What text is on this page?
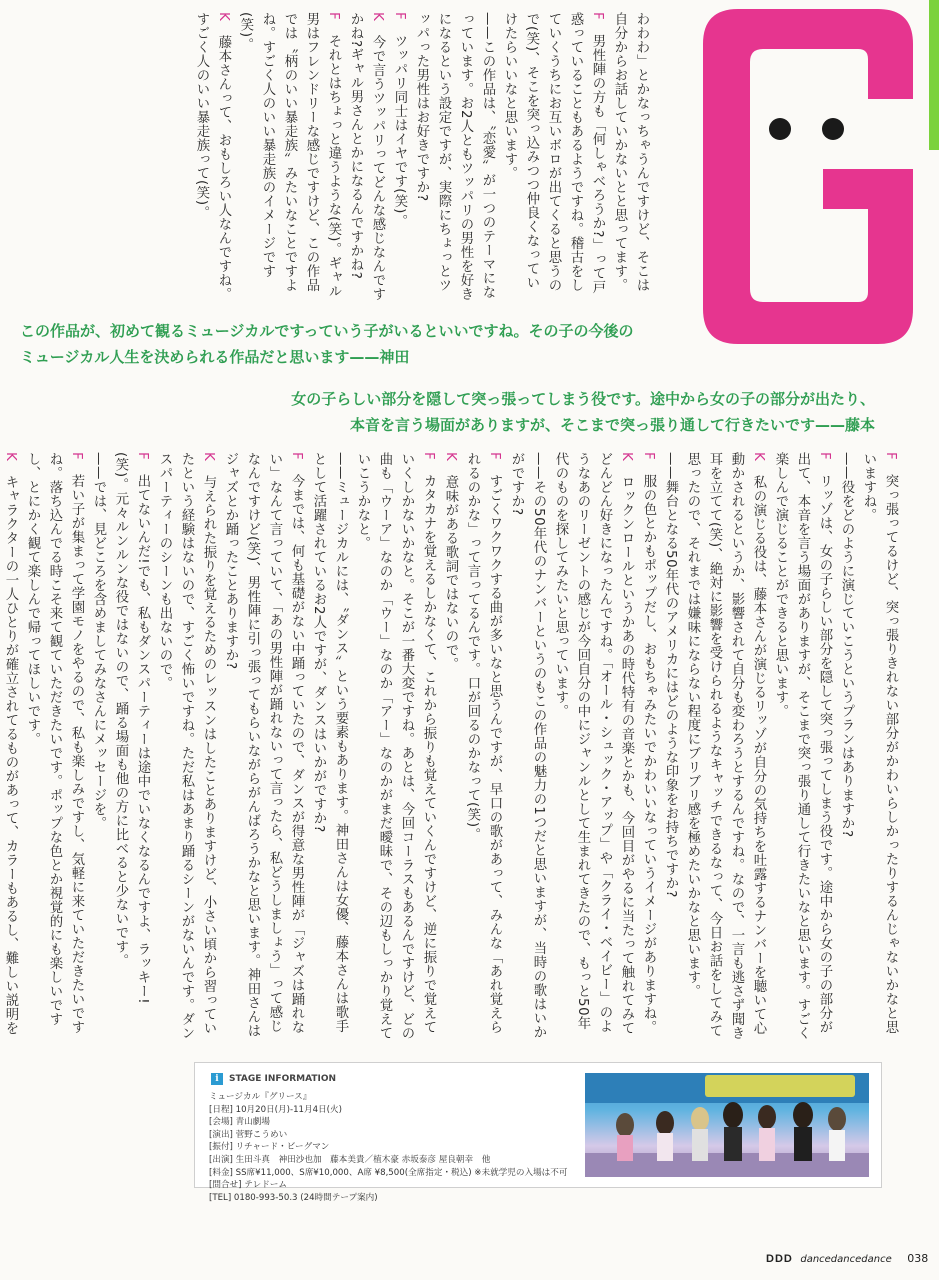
わわわ」とかなっちゃうんですけど、そこは自分からお話していかないとと思ってます。

F　男性陣の方も「何しゃべろうか?」って戸惑っていることもあるようですね。稽古をしていくうちにお互いボロが出てくると思うので(笑)、そこを突っ込みつつ仲良くなっていけたらいいなと思います。

——この作品は、〝恋愛〟が一つのテーマになっています。お2人ともツッパリの男性を好きになるという設定ですが、実際にちょっとツッパった男性はお好きですか?

F　ツッパリ同士はイヤです(笑)。

K　今で言うツッパリってどんな感じなんですかね?ギャル男さんとかになるんですかね?

F　それとはちょっと違うような(笑)。ギャル男はフレンドリーな感じですけど、この作品では〝柄のいい暴走族〟みたいなことですよね。すごく人のいい暴走族のイメージです(笑)。

K　藤本さんって、おもしろい人なんですね。すごく人のいい暴走族って(笑)。

この作品が、初めて観るミュージカルですっていう子がいるといいですね。その子の今後の
ミュージカル人生を決められる作品だと思います——神田
女の子らしい部分を隠して突っ張ってしまう役です。途中から女の子の部分が出たり、
本音を言う場面がありますが、そこまで突っ張り通して行きたいです——藤本

F　突っ張ってるけど、突っ張りきれない部分がかわいらしかったりするんじゃないかなと思いますね。

——役をどのように演じていこうというプランはありますか?

F　リッゾは、女の子らしい部分を隠して突っ張ってしまう役です。途中から女の子の部分が出て、本音を言う場面がありますが、そこまで突っ張り通して行きたいなと思います。すごく楽しんで演じることができると思います。

K　私の演じる役は、藤本さんが演じるリッゾが自分の気持ちを吐露するナンバーを聴いて心動かされるというか、影響されて自分も変わろうとするんですね。なので、一言も逃さず聞き耳を立てて(笑)、絶対に影響を受けられるようなキャッチできるなって、今日お話をしてみて思ったので、それまでは嫌味にならない程度にブリブリ感を極めたいかなと思います。

——舞台となる50年代のアメリカにはどのような印象をお持ちですか?

F　服の色とかもポップだし、おもちゃみたいでかわいいなっていうイメージがありますね。

K　ロックンロールというかあの時代特有の音楽とかも、今回目がやるに当たって触れてみてどんどん好きになったんですね。「オール・シュック・アップ」や「クライ・ベイビー」のようなあのリーゼントの感じが今回自分の中にジャンルとして生まれてきたので、もっと50年代のものを探してみたいと思っています。

——その50年代のナンバーというのもこの作品の魅力の1つだと思いますが、当時の歌はいかがですか?

F　すごくワクワクする曲が多いなと思うんですが、早口の歌があって、みんな「あれ覚えられるのかな」って言ってるんです。口が回るのかなって(笑)。

K　意味がある歌詞ではないので。

F　カタカナを覚えるしかなくて、これから振りも覚えていくんですけど、逆に振りで覚えていくしかないかなと。そこが一番大変ですね。あとは、今回コーラスもあるんですけど、どの曲も「ウーア」なのか「ウー」なのか「アー」なのかがまだ曖昧で、その辺もしっかり覚えていこうかなと。

——ミュージカルには、〝ダンス〟という要素もあります。神田さんは女優、藤本さんは歌手として活躍されているお2人ですが、ダンスはいかがですか?

F　今までは、何も基礎がない中踊っていたので、ダンスが得意な男性陣が「ジャズは踊れない」なんて言っていて、「あの男性陣が踊れないって言ったら、私どうしましょう」って感じなんですけど(笑)、男性陣に引っ張ってもらいながらがんばろうかなと思います。神田さんはジャズとか踊ったことありますか?

K　与えられた振りを覚えるためのレッスンはしたことありますけど、小さい頃から習っていたという経験はないので、すごく怖いですね。ただ私はあまり踊るシーンがないんです。ダンスパーティーのシーンも出ないので。

F　出てないんだ!でも、私もダンスパーティーは途中でいなくなるんですよ、ラッキー!(笑)。元々ルンルンな役ではないので、踊る場面も他の方に比べると少ないです。

——では、見どころを含めましてみなさんにメッセージを。

F　若い子が集まって学園モノをやるので、私も楽しみですし、気軽に来ていただきたいですね。落ち込んでる時こそ来て観ていただきたいです。ポップな色とか視覚的にも楽しいですし、とにかく観て楽しんで帰ってほしいです。

K　キャラクターの一人ひとりが確立されてるものがあって、カラーもあるし、難しい説明を

i	STAGE INFORMATION
ミュージカル『グリース』
[日程] 10月20日(月)-11月4日(火)
[会場] 青山劇場
[演出] 菅野こうめい
[振付] リチャード・ビーグマン
[出演] 生田斗真　神田沙也加　藤本美貴／植木豪 赤坂泰彦 屋良朝幸　他
[料金] SS席¥11,000、S席¥10,000、A席 ¥8,500(全席指定・税込) ※未就学児の入場は不可
[問合せ] テレドーム
[TEL] 0180-993-50.3 (24時間テープ案内)
DDD dancedancedance 038
